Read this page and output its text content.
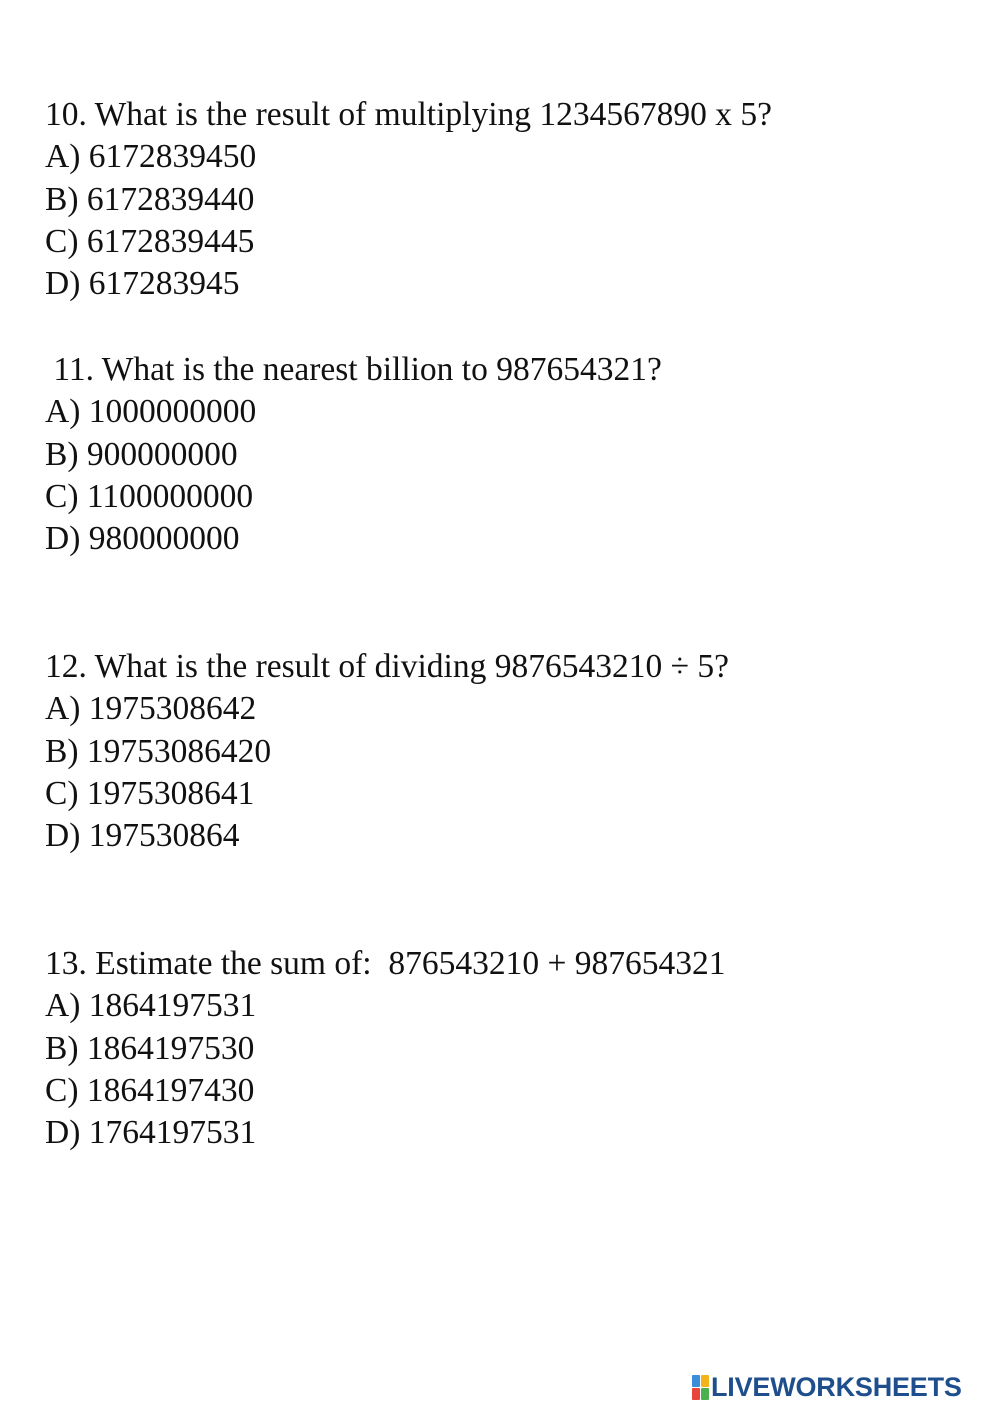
10. What is the result of multiplying 1234567890 x 5?
A) 6172839450
B) 6172839440
C) 6172839445
D) 617283945
11. What is the nearest billion to 987654321?
A) 1000000000
B) 900000000
C) 1100000000
D) 980000000
12. What is the result of dividing 9876543210 ÷ 5?
A) 1975308642
B) 19753086420
C) 1975308641
D) 197530864
13. Estimate the sum of:  876543210 + 987654321
A) 1864197531
B) 1864197530
C) 1864197430
D) 1764197531
LIVEWORKSHEETS
